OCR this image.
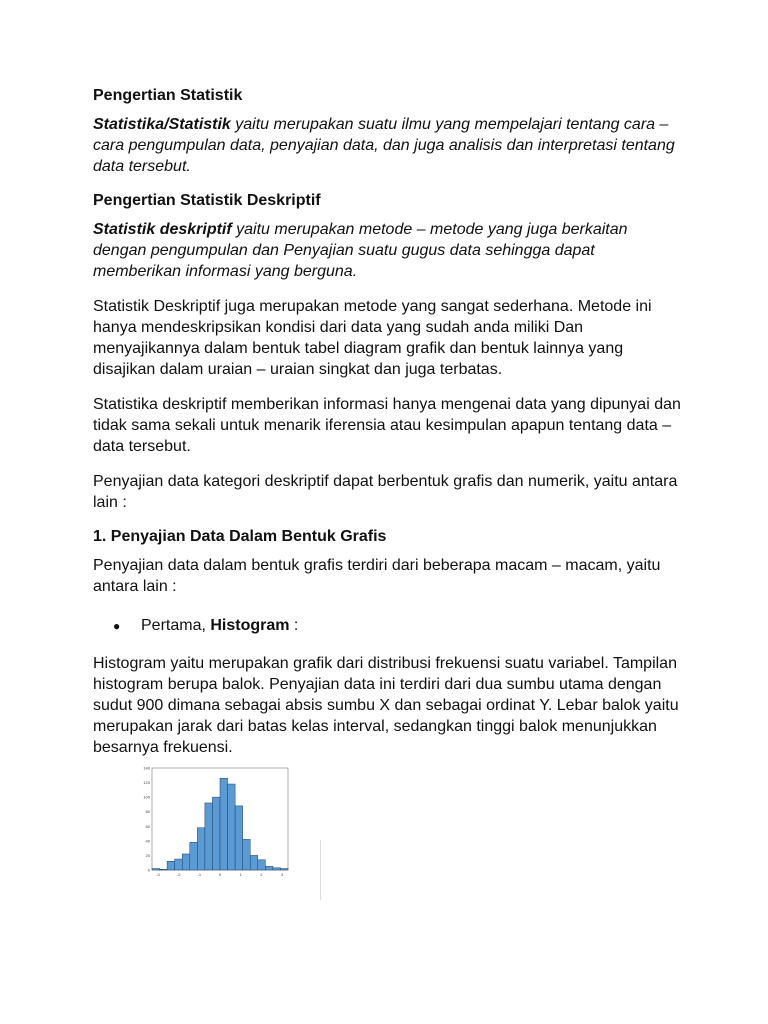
Pengertian Statistik
Statistika/Statistik yaitu merupakan suatu ilmu yang mempelajari tentang cara – cara pengumpulan data, penyajian data, dan juga analisis dan interpretasi tentang data tersebut.
Pengertian Statistik Deskriptif
Statistik deskriptif yaitu merupakan metode – metode yang juga berkaitan dengan pengumpulan dan Penyajian suatu gugus data sehingga dapat memberikan informasi yang berguna.
Statistik Deskriptif juga merupakan metode yang sangat sederhana. Metode ini hanya mendeskripsikan kondisi dari data yang sudah anda miliki Dan menyajikannya dalam bentuk tabel diagram grafik dan bentuk lainnya yang disajikan dalam uraian – uraian singkat dan juga terbatas.
Statistika deskriptif memberikan informasi hanya mengenai data yang dipunyai dan tidak sama sekali untuk menarik iferensia atau kesimpulan apapun tentang data – data tersebut.
Penyajian data kategori deskriptif dapat berbentuk grafis dan numerik, yaitu antara lain :
1. Penyajian Data Dalam Bentuk Grafis
Penyajian data dalam bentuk grafis terdiri dari beberapa macam – macam, yaitu antara lain :
●	Pertama, Histogram :
Histogram yaitu merupakan grafik dari distribusi frekuensi suatu variabel. Tampilan histogram berupa balok. Penyajian data ini terdiri dari dua sumbu utama dengan sudut 900 dimana sebagai absis sumbu X dan sebagai ordinat Y. Lebar balok yaitu merupakan jarak dari batas kelas interval, sedangkan tinggi balok menunjukkan besarnya frekuensi.
0
20
40
60
80
100
120
140
-3	-2	-1	0	1	2	3
